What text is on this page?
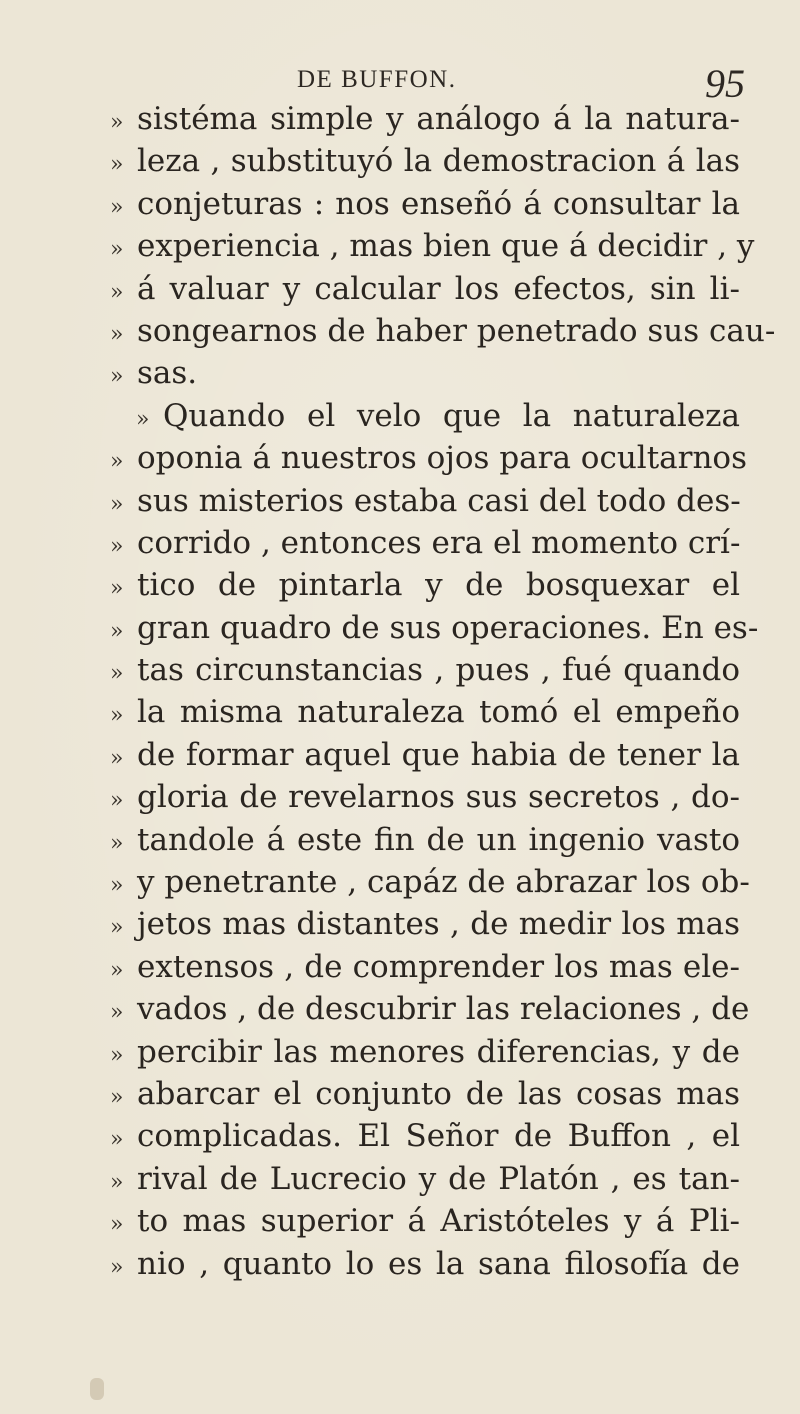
DE BUFFON.	95
» sistéma simple y análogo á la natura-
» leza , substituyó la demostracion á las
» conjeturas : nos enseñó á consultar la
» experiencia , mas bien que á decidir , y
» á valuar y calcular los efectos, sin li-
» songearnos de haber penetrado sus cau-
» sas.
» Quando el velo que la naturaleza
» oponia á nuestros ojos para ocultarnos
» sus misterios estaba casi del todo des-
» corrido , entonces era el momento crí-
» tico de pintarla y de bosquexar el
» gran quadro de sus operaciones. En es-
» tas circunstancias , pues , fué quando
» la misma naturaleza tomó el empeño
» de formar aquel que habia de tener la
» gloria de revelarnos sus secretos , do-
» tandole á este fin de un ingenio vasto
» y penetrante , capáz de abrazar los ob-
» jetos mas distantes , de medir los mas
» extensos , de comprender los mas ele-
» vados , de descubrir las relaciones , de
» percibir las menores diferencias, y de
» abarcar el conjunto de las cosas mas
» complicadas. El Señor de Buffon , el
» rival de Lucrecio y de Platón , es tan-
» to mas superior á Aristóteles y á Pli-
» nio , quanto lo es la sana filosofía de
